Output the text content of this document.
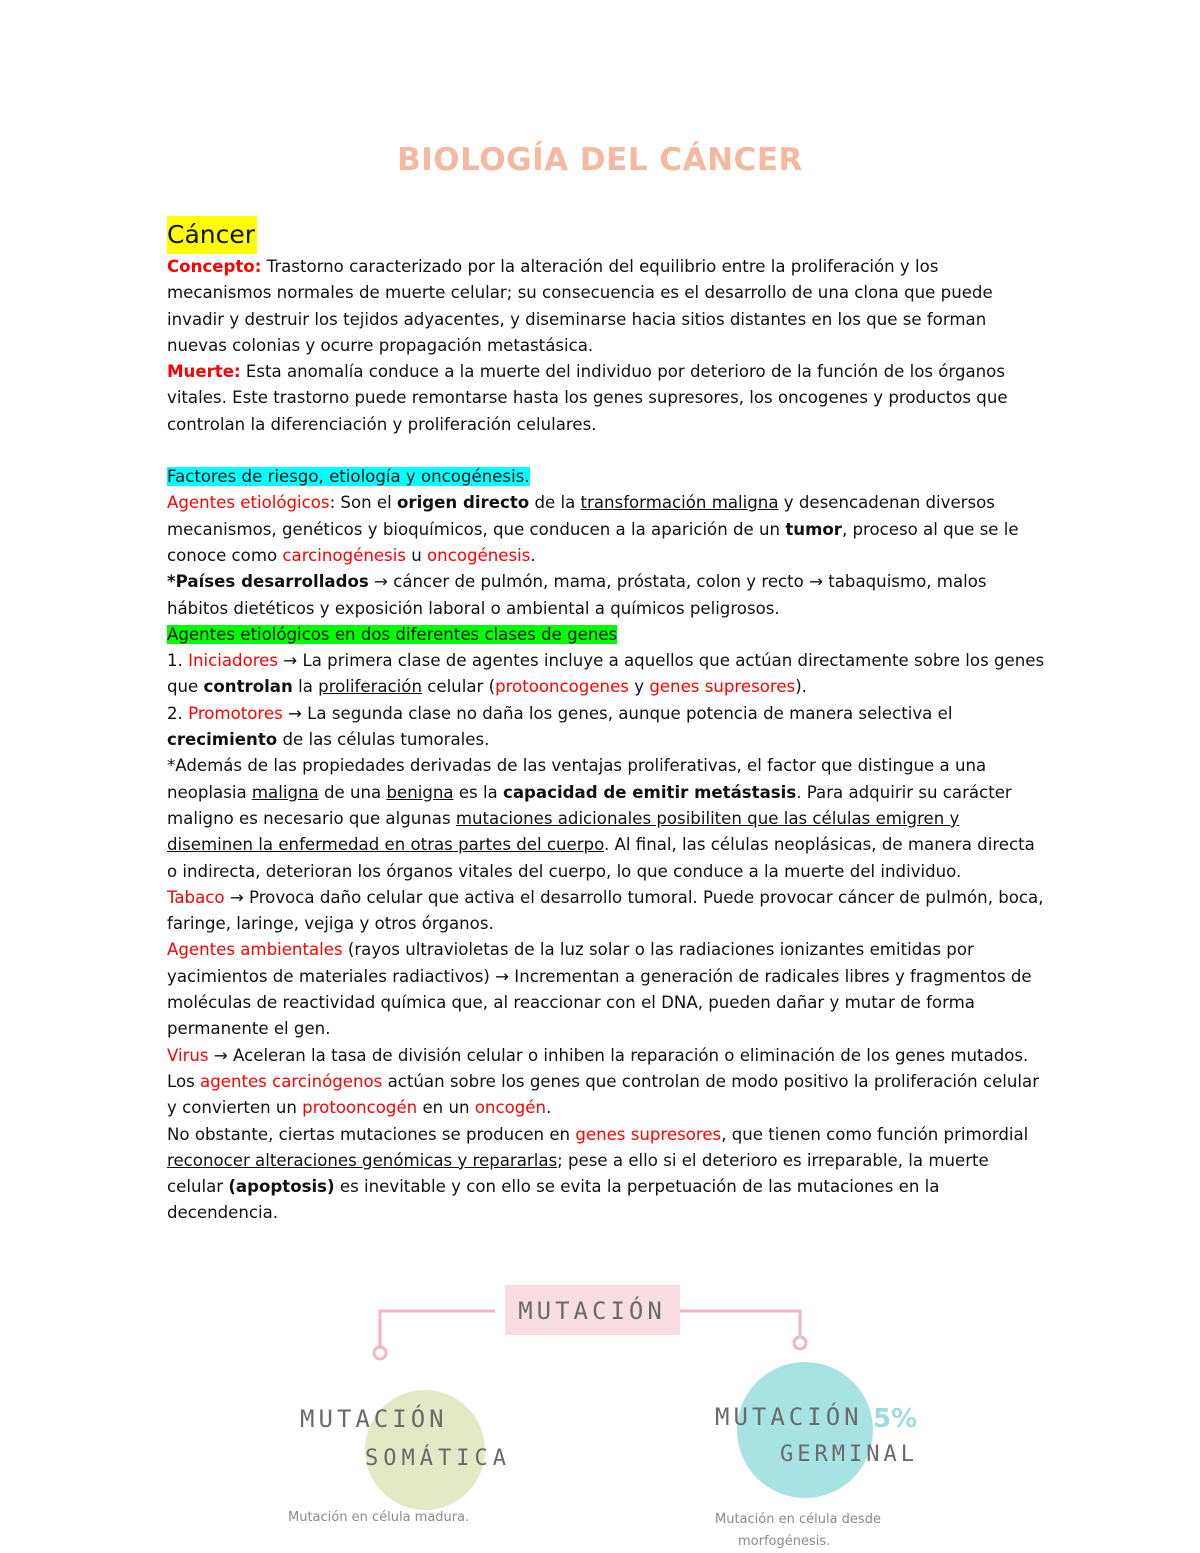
BIOLOGÍA DEL CÁNCER

Cáncer

Concepto: Trastorno caracterizado por la alteración del equilibrio entre la proliferación y los mecanismos normales de muerte celular; su consecuencia es el desarrollo de una clona que puede invadir y destruir los tejidos adyacentes, y diseminarse hacia sitios distantes en los que se forman nuevas colonias y ocurre propagación metastásica.

Muerte: Esta anomalía conduce a la muerte del individuo por deterioro de la función de los órganos vitales. Este trastorno puede remontarse hasta los genes supresores, los oncogenes y productos que controlan la diferenciación y proliferación celulares.

Factores de riesgo, etiología y oncogénesis.

Agentes etiológicos: Son el origen directo de la transformación maligna y desencadenan diversos mecanismos, genéticos y bioquímicos, que conducen a la aparición de un tumor, proceso al que se le conoce como carcinogénesis u oncogénesis.

*Países desarrollados → cáncer de pulmón, mama, próstata, colon y recto → tabaquismo, malos hábitos dietéticos y exposición laboral o ambiental a químicos peligrosos.

Agentes etiológicos en dos diferentes clases de genes

1. Iniciadores → La primera clase de agentes incluye a aquellos que actúan directamente sobre los genes que controlan la proliferación celular (protooncogenes y genes supresores).

2. Promotores → La segunda clase no daña los genes, aunque potencia de manera selectiva el crecimiento de las células tumorales.

*Además de las propiedades derivadas de las ventajas proliferativas, el factor que distingue a una neoplasia maligna de una benigna es la capacidad de emitir metástasis. Para adquirir su carácter maligno es necesario que algunas mutaciones adicionales posibiliten que las células emigren y diseminen la enfermedad en otras partes del cuerpo. Al final, las células neoplásicas, de manera directa o indirecta, deterioran los órganos vitales del cuerpo, lo que conduce a la muerte del individuo.

Tabaco → Provoca daño celular que activa el desarrollo tumoral. Puede provocar cáncer de pulmón, boca, faringe, laringe, vejiga y otros órganos.

Agentes ambientales (rayos ultravioletas de la luz solar o las radiaciones ionizantes emitidas por yacimientos de materiales radiactivos) → Incrementan a generación de radicales libres y fragmentos de moléculas de reactividad química que, al reaccionar con el DNA, pueden dañar y mutar de forma permanente el gen.

Virus → Aceleran la tasa de división celular o inhiben la reparación o eliminación de los genes mutados.

Los agentes carcinógenos actúan sobre los genes que controlan de modo positivo la proliferación celular y convierten un protooncogén en un oncogén.

No obstante, ciertas mutaciones se producen en genes supresores, que tienen como función primordial reconocer alteraciones genómicas y repararlas; pese a ello si el deterioro es irreparable, la muerte celular (apoptosis) es inevitable y con ello se evita la perpetuación de las mutaciones en la decendencia.

MUTACIÓN
MUTACIÓN
SOMÁTICA
Mutación en célula madura.
MUTACIÓN 5%
GERMINAL
Mutación en célula desde
morfogénesis.
